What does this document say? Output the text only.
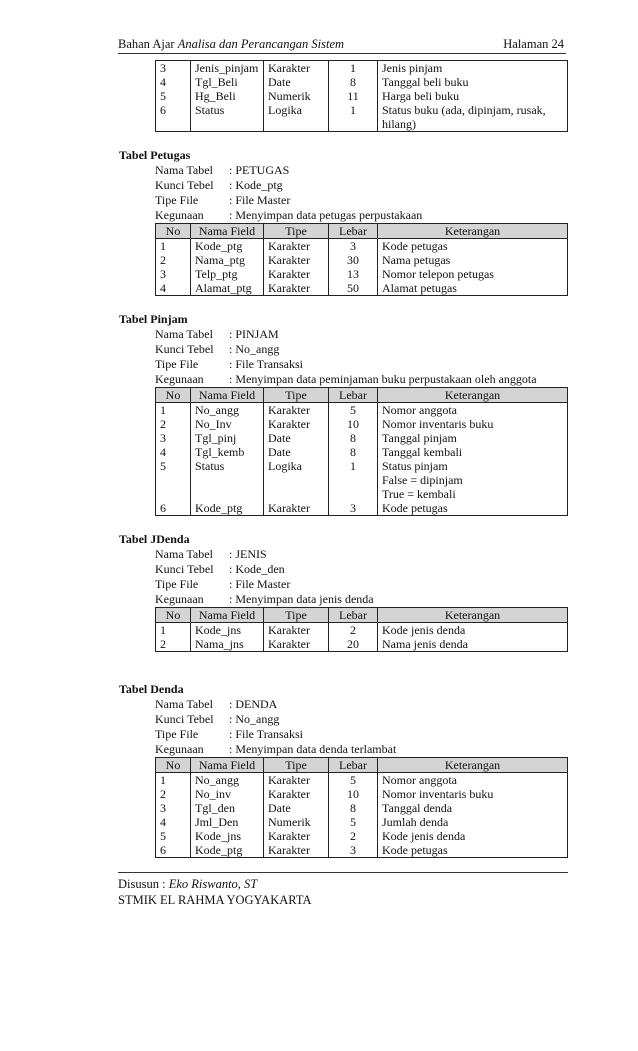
Bahan Ajar Analisa dan Perancangan Sistem	Halaman 24
3	Jenis_pinjam	Karakter	1	Jenis pinjam
4	Tgl_Beli	Date	8	Tanggal beli buku
5	Hg_Beli	Numerik	11	Harga beli buku
6	Status	Logika	1	Status buku (ada, dipinjam, rusak,
hilang)
Tabel Petugas
Nama Tabel : PETUGAS
Kunci Tebel : Kode_ptg
Tipe File	: File Master
Kegunaan : Menyimpan data petugas perpustakaan
No	Nama Field	Tipe	Lebar	Keterangan
1	Kode_ptg	Karakter	3	Kode petugas
2	Nama_ptg	Karakter	30	Nama petugas
3	Telp_ptg	Karakter	13	Nomor telepon petugas
4	Alamat_ptg	Karakter	50	Alamat petugas
Tabel Pinjam
Nama Tabel : PINJAM
Kunci Tebel : No_angg
Tipe File	: File Transaksi
Kegunaan : Menyimpan data peminjaman buku perpustakaan oleh anggota
No	Nama Field	Tipe	Lebar	Keterangan
1	No_angg	Karakter	5	Nomor anggota
2	No_Inv	Karakter	10	Nomor inventaris buku
3	Tgl_pinj	Date	8	Tanggal pinjam
4	Tgl_kemb	Date	8	Tanggal kembali
5	Status	Logika	1	Status pinjam
False = dipinjam
True = kembali

6	Kode_ptg	Karakter	3	Kode petugas
Tabel JDenda
Nama Tabel : JENIS
Kunci Tebel : Kode_den
Tipe File	: File Master
Kegunaan : Menyimpan data jenis denda
No	Nama Field	Tipe	Lebar	Keterangan
1	Kode_jns	Karakter	2	Kode jenis denda
2	Nama_jns	Karakter	20	Nama jenis denda
Tabel Denda
Nama Tabel : DENDA
Kunci Tebel : No_angg
Tipe File	: File Transaksi
Kegunaan : Menyimpan data denda terlambat
No	Nama Field	Tipe	Lebar	Keterangan
1	No_angg	Karakter	5	Nomor anggota
2	No_inv	Karakter	10	Nomor inventaris buku
3	Tgl_den	Date	8	Tanggal denda
4	Jml_Den	Numerik	5	Jumlah denda
5	Kode_jns	Karakter	2	Kode jenis denda
6	Kode_ptg	Karakter	3	Kode petugas
Disusun : Eko Riswanto, ST
STMIK EL RAHMA YOGYAKARTA
